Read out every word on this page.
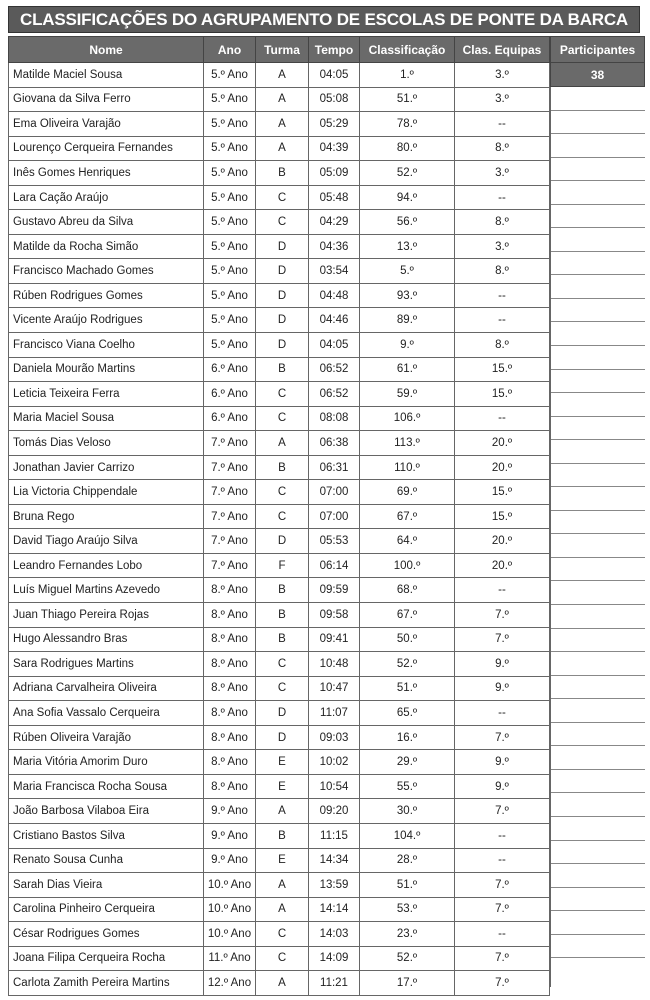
CLASSIFICAÇÕES DO AGRUPAMENTO DE ESCOLAS DE PONTE DA BARCA
Nome	Ano	Turma	Tempo	Classificação	Clas. Equipas
Matilde Maciel Sousa	5.º Ano	A	04:05	1.º	3.º
Giovana da Silva Ferro	5.º Ano	A	05:08	51.º	3.º
Ema Oliveira Varajão	5.º Ano	A	05:29	78.º	--
Lourenço Cerqueira Fernandes	5.º Ano	A	04:39	80.º	8.º
Inês Gomes Henriques	5.º Ano	B	05:09	52.º	3.º
Lara Cação Araújo	5.º Ano	C	05:48	94.º	--
Gustavo Abreu da Silva	5.º Ano	C	04:29	56.º	8.º
Matilde da Rocha Simão	5.º Ano	D	04:36	13.º	3.º
Francisco Machado Gomes	5.º Ano	D	03:54	5.º	8.º
Rúben Rodrigues Gomes	5.º Ano	D	04:48	93.º	--
Vicente Araújo Rodrigues	5.º Ano	D	04:46	89.º	--
Francisco Viana Coelho	5.º Ano	D	04:05	9.º	8.º
Daniela Mourão Martins	6.º Ano	B	06:52	61.º	15.º
Leticia Teixeira Ferra	6.º Ano	C	06:52	59.º	15.º
Maria Maciel Sousa	6.º Ano	C	08:08	106.º	--
Tomás Dias Veloso	7.º Ano	A	06:38	113.º	20.º
Jonathan Javier Carrizo	7.º Ano	B	06:31	110.º	20.º
Lia Victoria Chippendale	7.º Ano	C	07:00	69.º	15.º
Bruna Rego	7.º Ano	C	07:00	67.º	15.º
David Tiago Araújo Silva	7.º Ano	D	05:53	64.º	20.º
Leandro Fernandes Lobo	7.º Ano	F	06:14	100.º	20.º
Luís Miguel Martins Azevedo	8.º Ano	B	09:59	68.º	--
Juan Thiago Pereira Rojas	8.º Ano	B	09:58	67.º	7.º
Hugo Alessandro Bras	8.º Ano	B	09:41	50.º	7.º
Sara Rodrigues Martins	8.º Ano	C	10:48	52.º	9.º
Adriana Carvalheira Oliveira	8.º Ano	C	10:47	51.º	9.º
Ana Sofia Vassalo Cerqueira	8.º Ano	D	11:07	65.º	--
Rúben Oliveira Varajão	8.º Ano	D	09:03	16.º	7.º
Maria Vitória Amorim Duro	8.º Ano	E	10:02	29.º	9.º
Maria Francisca Rocha Sousa	8.º Ano	E	10:54	55.º	9.º
João Barbosa Vilaboa Eira	9.º Ano	A	09:20	30.º	7.º
Cristiano Bastos Silva	9.º Ano	B	11:15	104.º	--
Renato Sousa Cunha	9.º Ano	E	14:34	28.º	--
Sarah Dias Vieira	10.º Ano	A	13:59	51.º	7.º
Carolina Pinheiro Cerqueira	10.º Ano	A	14:14	53.º	7.º
César Rodrigues Gomes	10.º Ano	C	14:03	23.º	--
Joana Filipa Cerqueira Rocha	11.º Ano	C	14:09	52.º	7.º
Carlota Zamith Pereira Martins	12.º Ano	A	11:21	17.º	7.º
Participantes
38
